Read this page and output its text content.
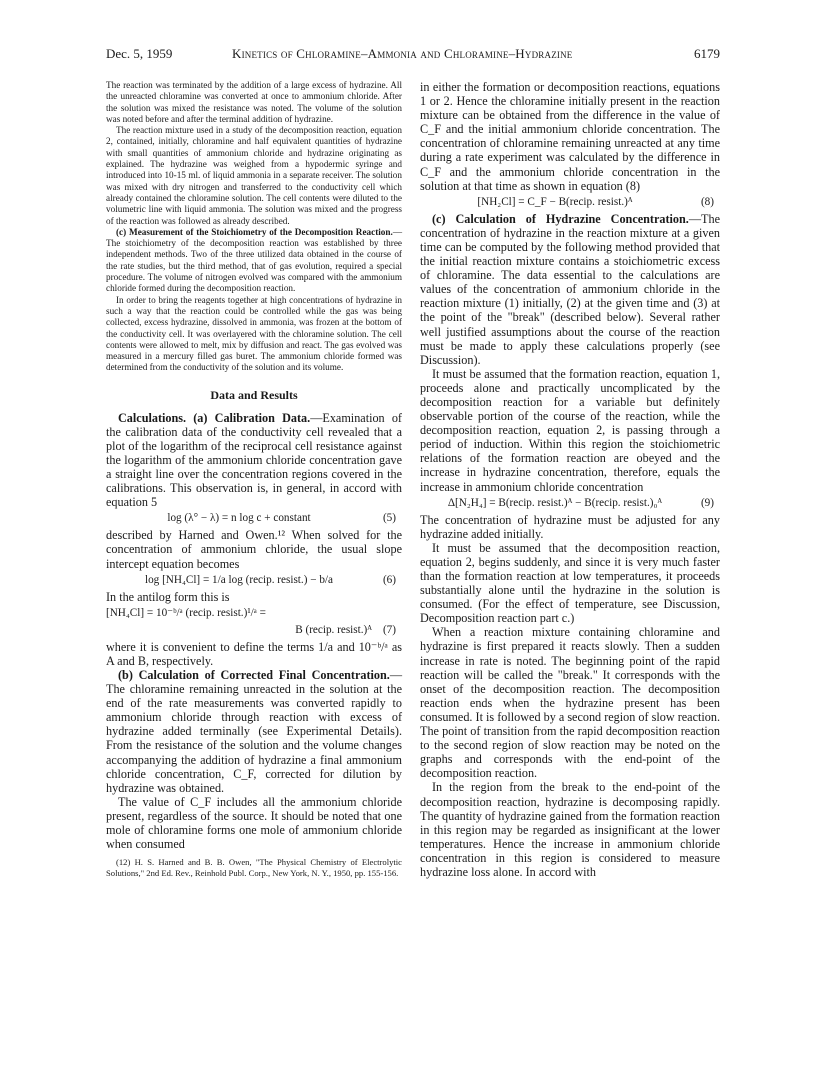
Dec. 5, 1959	Kinetics of Chloramine–Ammonia and Chloramine–Hydrazine	6179

The reaction was terminated by the addition of a large excess of hydrazine. All the unreacted chloramine was converted at once to ammonium chloride. After the solution was mixed the resistance was noted. The volume of the solution was noted before and after the terminal addition of hydrazine.

The reaction mixture used in a study of the decomposition reaction, equation 2, contained, initially, chloramine and half equivalent quantities of hydrazine with small quantities of ammonium chloride and hydrazine originating as explained. The hydrazine was weighed from a hypodermic syringe and introduced into 10-15 ml. of liquid ammonia in a separate receiver. The solution was mixed with dry nitrogen and transferred to the conductivity cell which already contained the chloramine solution. The cell contents were diluted to the volumetric line with liquid ammonia. The solution was mixed and the progress of the reaction was followed as already described.

(c) Measurement of the Stoichiometry of the Decomposition Reaction.—The stoichiometry of the decomposition reaction was established by three independent methods. Two of the three utilized data obtained in the course of the rate studies, but the third method, that of gas evolution, required a special procedure. The volume of nitrogen evolved was compared with the ammonium chloride formed during the decomposition reaction.

In order to bring the reagents together at high concentrations of hydrazine in such a way that the reaction could be controlled while the gas was being collected, excess hydrazine, dissolved in ammonia, was frozen at the bottom of the conductivity cell. It was overlayered with the chloramine solution. The cell contents were allowed to melt, mix by diffusion and react. The gas evolved was measured in a mercury filled gas buret. The ammonium chloride formed was determined from the conductivity of the solution and its volume.

Data and Results

Calculations. (a) Calibration Data.—Examination of the calibration data of the conductivity cell revealed that a plot of the logarithm of the reciprocal cell resistance against the logarithm of the ammonium chloride concentration gave a straight line over the concentration regions covered in the calibrations. This observation is, in general, in accord with equation 5

log (λ° − λ) = n log c + constant	(5)

described by Harned and Owen.¹² When solved for the concentration of ammonium chloride, the usual slope intercept equation becomes

log [NH₄Cl] = 1/a log (recip. resist.) − b/a	(6)

In the antilog form this is

[NH₄Cl] = 10⁻ᵇ/ᵃ (recip. resist.)¹/ᵃ =
B (recip. resist.)ᴬ (7)

where it is convenient to define the terms 1/a and 10⁻ᵇ/ᵃ as A and B, respectively.

(b) Calculation of Corrected Final Concentration.—The chloramine remaining unreacted in the solution at the end of the rate measurements was converted rapidly to ammonium chloride through reaction with excess of hydrazine added terminally (see Experimental Details). From the resistance of the solution and the volume changes accompanying the addition of hydrazine a final ammonium chloride concentration, C_F, corrected for dilution by hydrazine was obtained.

The value of C_F includes all the ammonium chloride present, regardless of the source. It should be noted that one mole of chloramine forms one mole of ammonium chloride when consumed

(12) H. S. Harned and B. B. Owen, "The Physical Chemistry of Electrolytic Solutions," 2nd Ed. Rev., Reinhold Publ. Corp., New York, N. Y., 1950, pp. 155-156.

in either the formation or decomposition reactions, equations 1 or 2. Hence the chloramine initially present in the reaction mixture can be obtained from the difference in the value of C_F and the initial ammonium chloride concentration. The concentration of chloramine remaining unreacted at any time during a rate experiment was calculated by the difference in C_F and the ammonium chloride concentration in the solution at that time as shown in equation (8)

[NH₂Cl] = C_F − B(recip. resist.)ᴬ	(8)

(c) Calculation of Hydrazine Concentration.—The concentration of hydrazine in the reaction mixture at a given time can be computed by the following method provided that the initial reaction mixture contains a stoichiometric excess of chloramine. The data essential to the calculations are values of the concentration of ammonium chloride in the reaction mixture (1) initially, (2) at the given time and (3) at the point of the "break" (described below). Several rather well justified assumptions about the course of the reaction must be made to apply these calculations properly (see Discussion).

It must be assumed that the formation reaction, equation 1, proceeds alone and practically uncomplicated by the decomposition reaction for a variable but definitely observable portion of the course of the reaction, while the decomposition reaction, equation 2, is passing through a period of induction. Within this region the stoichiometric relations of the formation reaction are obeyed and the increase in hydrazine concentration, therefore, equals the increase in ammonium chloride concentration

Δ[N₂H₄] = B(recip. resist.)ᴬ − B(recip. resist.)₀ᴬ	(9)

The concentration of hydrazine must be adjusted for any hydrazine added initially.

It must be assumed that the decomposition reaction, equation 2, begins suddenly, and since it is very much faster than the formation reaction at low temperatures, it proceeds substantially alone until the hydrazine in the solution is consumed. (For the effect of temperature, see Discussion, Decomposition reaction part c.)

When a reaction mixture containing chloramine and hydrazine is first prepared it reacts slowly. Then a sudden increase in rate is noted. The beginning point of the rapid reaction will be called the "break." It corresponds with the onset of the decomposition reaction. The decomposition reaction ends when the hydrazine present has been consumed. It is followed by a second region of slow reaction. The point of transition from the rapid decomposition reaction to the second region of slow reaction may be noted on the graphs and corresponds with the end-point of the decomposition reaction.

In the region from the break to the end-point of the decomposition reaction, hydrazine is decomposing rapidly. The quantity of hydrazine gained from the formation reaction in this region may be regarded as insignificant at the lower temperatures. Hence the increase in ammonium chloride concentration in this region is considered to measure hydrazine loss alone. In accord with
